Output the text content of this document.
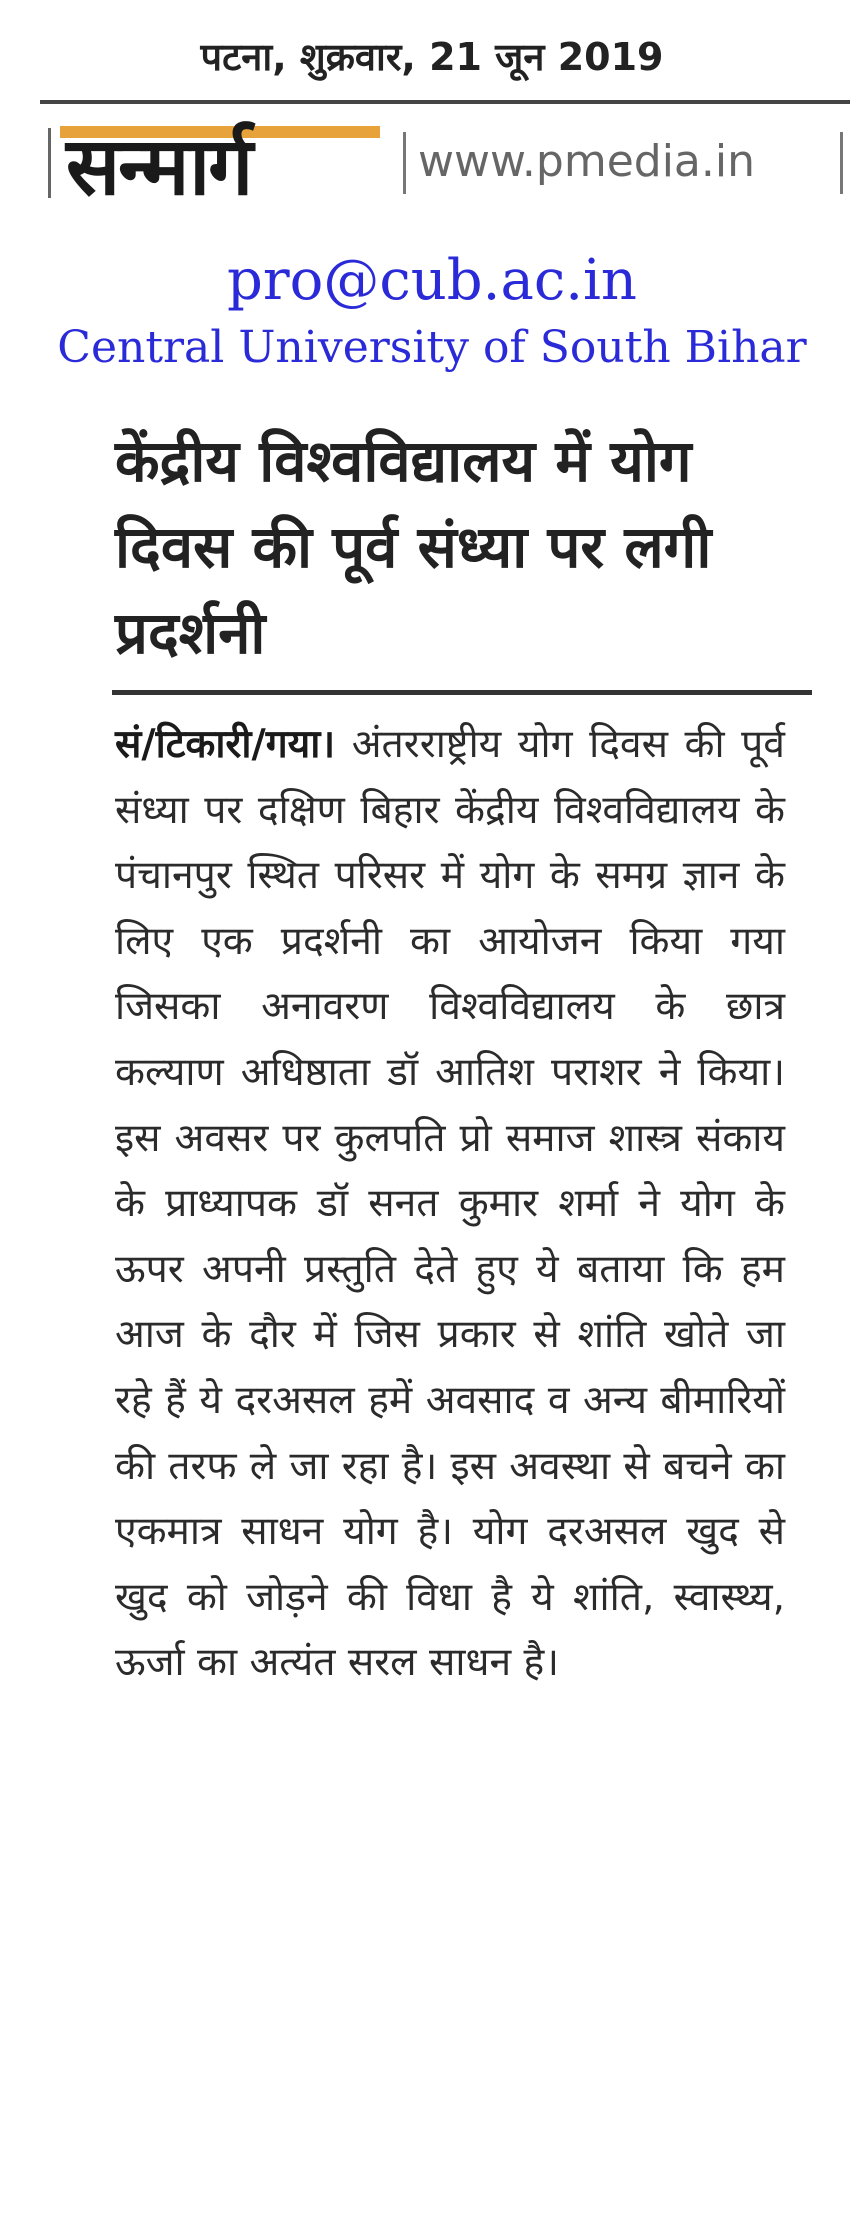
पटना, शुक्रवार, 21 जून 2019
सन्मार्ग	www.pmedia.in
pro@cub.ac.in
Central University of South Bihar
केंद्रीय विश्वविद्यालय में योग दिवस की पूर्व संध्या पर लगी प्रदर्शनी
सं/टिकारी/गया। अंतरराष्ट्रीय योग दिवस की पूर्व संध्या पर दक्षिण बिहार केंद्रीय विश्वविद्यालय के पंचानपुर स्थित परिसर में योग के समग्र ज्ञान के लिए एक प्रदर्शनी का आयोजन किया गया जिसका अनावरण विश्वविद्यालय के छात्र कल्याण अधिष्ठाता डॉ आतिश पराशर ने किया। इस अवसर पर कुलपति प्रो समाज शास्त्र संकाय के प्राध्यापक डॉ सनत कुमार शर्मा ने योग के ऊपर अपनी प्रस्तुति देते हुए ये बताया कि हम आज के दौर में जिस प्रकार से शांति खोते जा रहे हैं ये दरअसल हमें अवसाद व अन्य बीमारियों की तरफ ले जा रहा है। इस अवस्था से बचने का एकमात्र साधन योग है। योग दरअसल खुद से खुद को जोड़ने की विधा है ये शांति, स्वास्थ्य, ऊर्जा का अत्यंत सरल साधन है।
